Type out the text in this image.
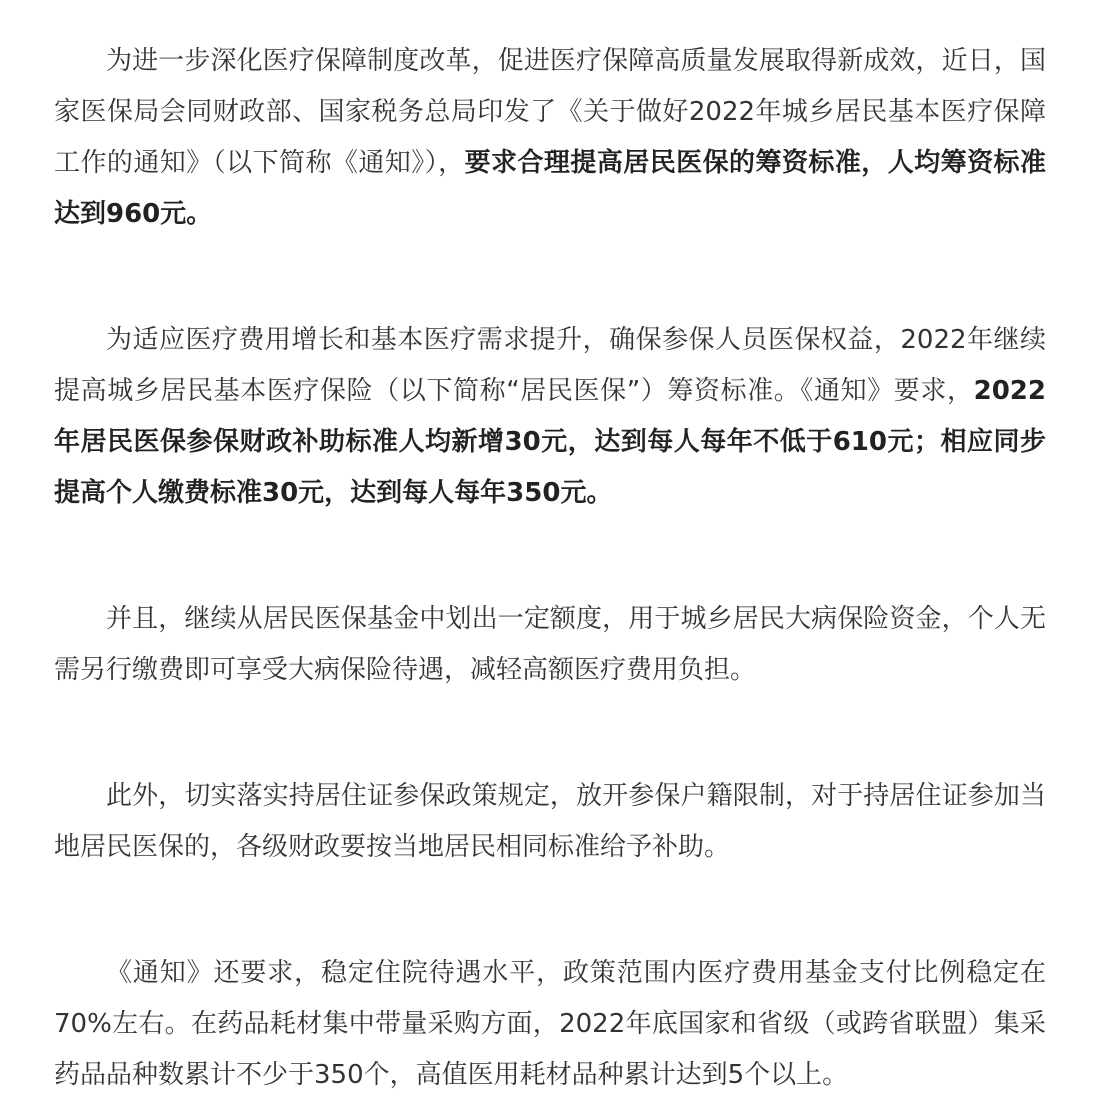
为进一步深化医疗保障制度改革，促进医疗保障高质量发展取得新成效，近日，国家医保局会同财政部、国家税务总局印发了《关于做好2022年城乡居民基本医疗保障工作的通知》（以下简称《通知》），要求合理提高居民医保的筹资标准，人均筹资标准达到960元。

为适应医疗费用增长和基本医疗需求提升，确保参保人员医保权益，2022年继续提高城乡居民基本医疗保险（以下简称“居民医保”）筹资标准。《通知》要求，2022年居民医保参保财政补助标准人均新增30元，达到每人每年不低于610元；相应同步提高个人缴费标准30元，达到每人每年350元。

并且，继续从居民医保基金中划出一定额度，用于城乡居民大病保险资金，个人无需另行缴费即可享受大病保险待遇，减轻高额医疗费用负担。

此外，切实落实持居住证参保政策规定，放开参保户籍限制，对于持居住证参加当地居民医保的，各级财政要按当地居民相同标准给予补助。

《通知》还要求，稳定住院待遇水平，政策范围内医疗费用基金支付比例稳定在70%左右。在药品耗材集中带量采购方面，2022年底国家和省级（或跨省联盟）集采药品品种数累计不少于350个，高值医用耗材品种累计达到5个以上。
